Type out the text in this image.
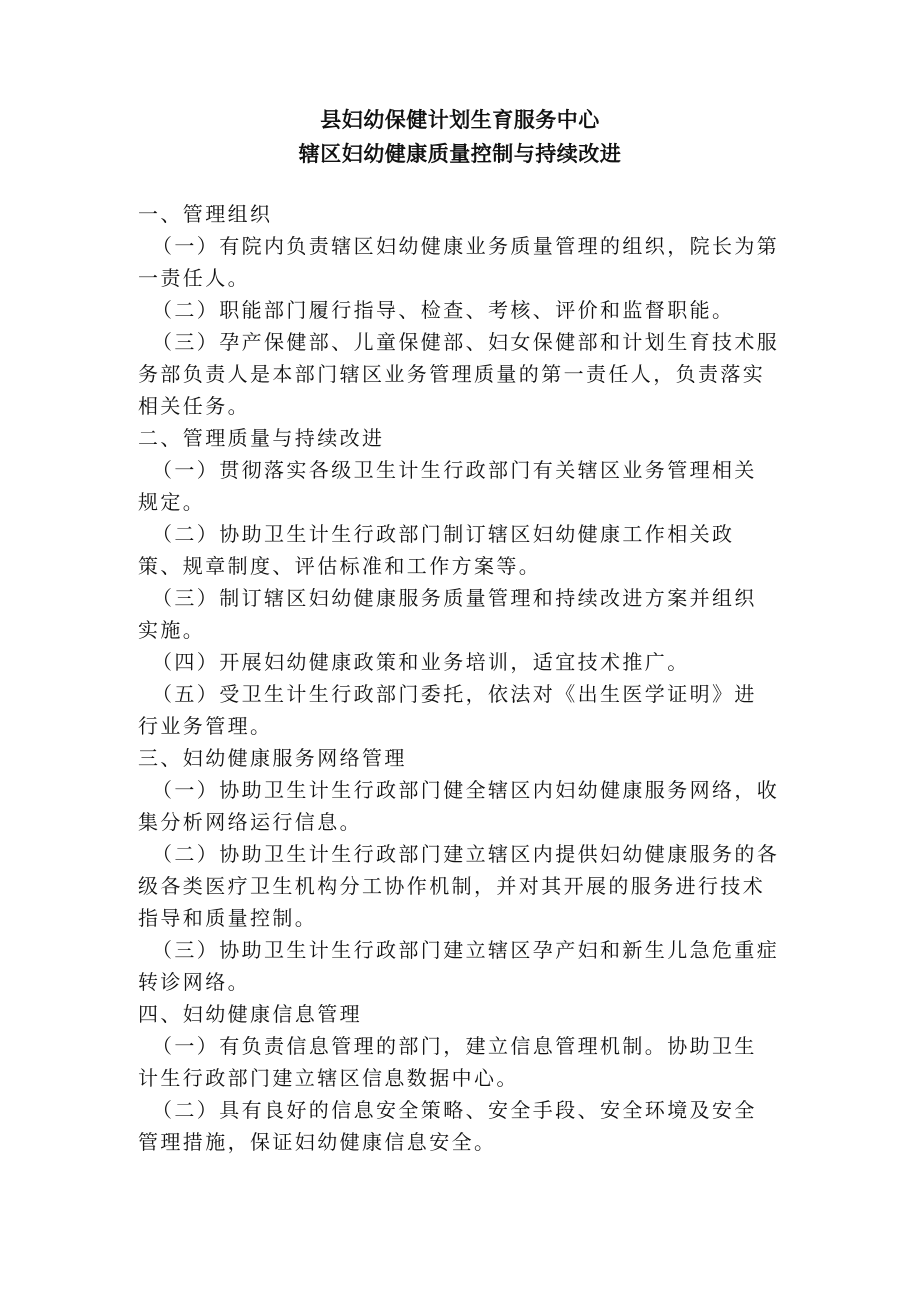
县妇幼保健计划生育服务中心
辖区妇幼健康质量控制与持续改进
一、管理组织
（一）有院内负责辖区妇幼健康业务质量管理的组织，院长为第
一责任人。
（二）职能部门履行指导、检查、考核、评价和监督职能。
（三）孕产保健部、儿童保健部、妇女保健部和计划生育技术服
务部负责人是本部门辖区业务管理质量的第一责任人，负责落实
相关任务。
二、管理质量与持续改进
（一）贯彻落实各级卫生计生行政部门有关辖区业务管理相关
规定。
（二）协助卫生计生行政部门制订辖区妇幼健康工作相关政
策、规章制度、评估标准和工作方案等。
（三）制订辖区妇幼健康服务质量管理和持续改进方案并组织
实施。
（四）开展妇幼健康政策和业务培训，适宜技术推广。
（五）受卫生计生行政部门委托，依法对《出生医学证明》进
行业务管理。
三、妇幼健康服务网络管理
（一）协助卫生计生行政部门健全辖区内妇幼健康服务网络，收
集分析网络运行信息。
（二）协助卫生计生行政部门建立辖区内提供妇幼健康服务的各
级各类医疗卫生机构分工协作机制，并对其开展的服务进行技术
指导和质量控制。
（三）协助卫生计生行政部门建立辖区孕产妇和新生儿急危重症
转诊网络。
四、妇幼健康信息管理
（一）有负责信息管理的部门，建立信息管理机制。协助卫生
计生行政部门建立辖区信息数据中心。
（二）具有良好的信息安全策略、安全手段、安全环境及安全
管理措施，保证妇幼健康信息安全。
